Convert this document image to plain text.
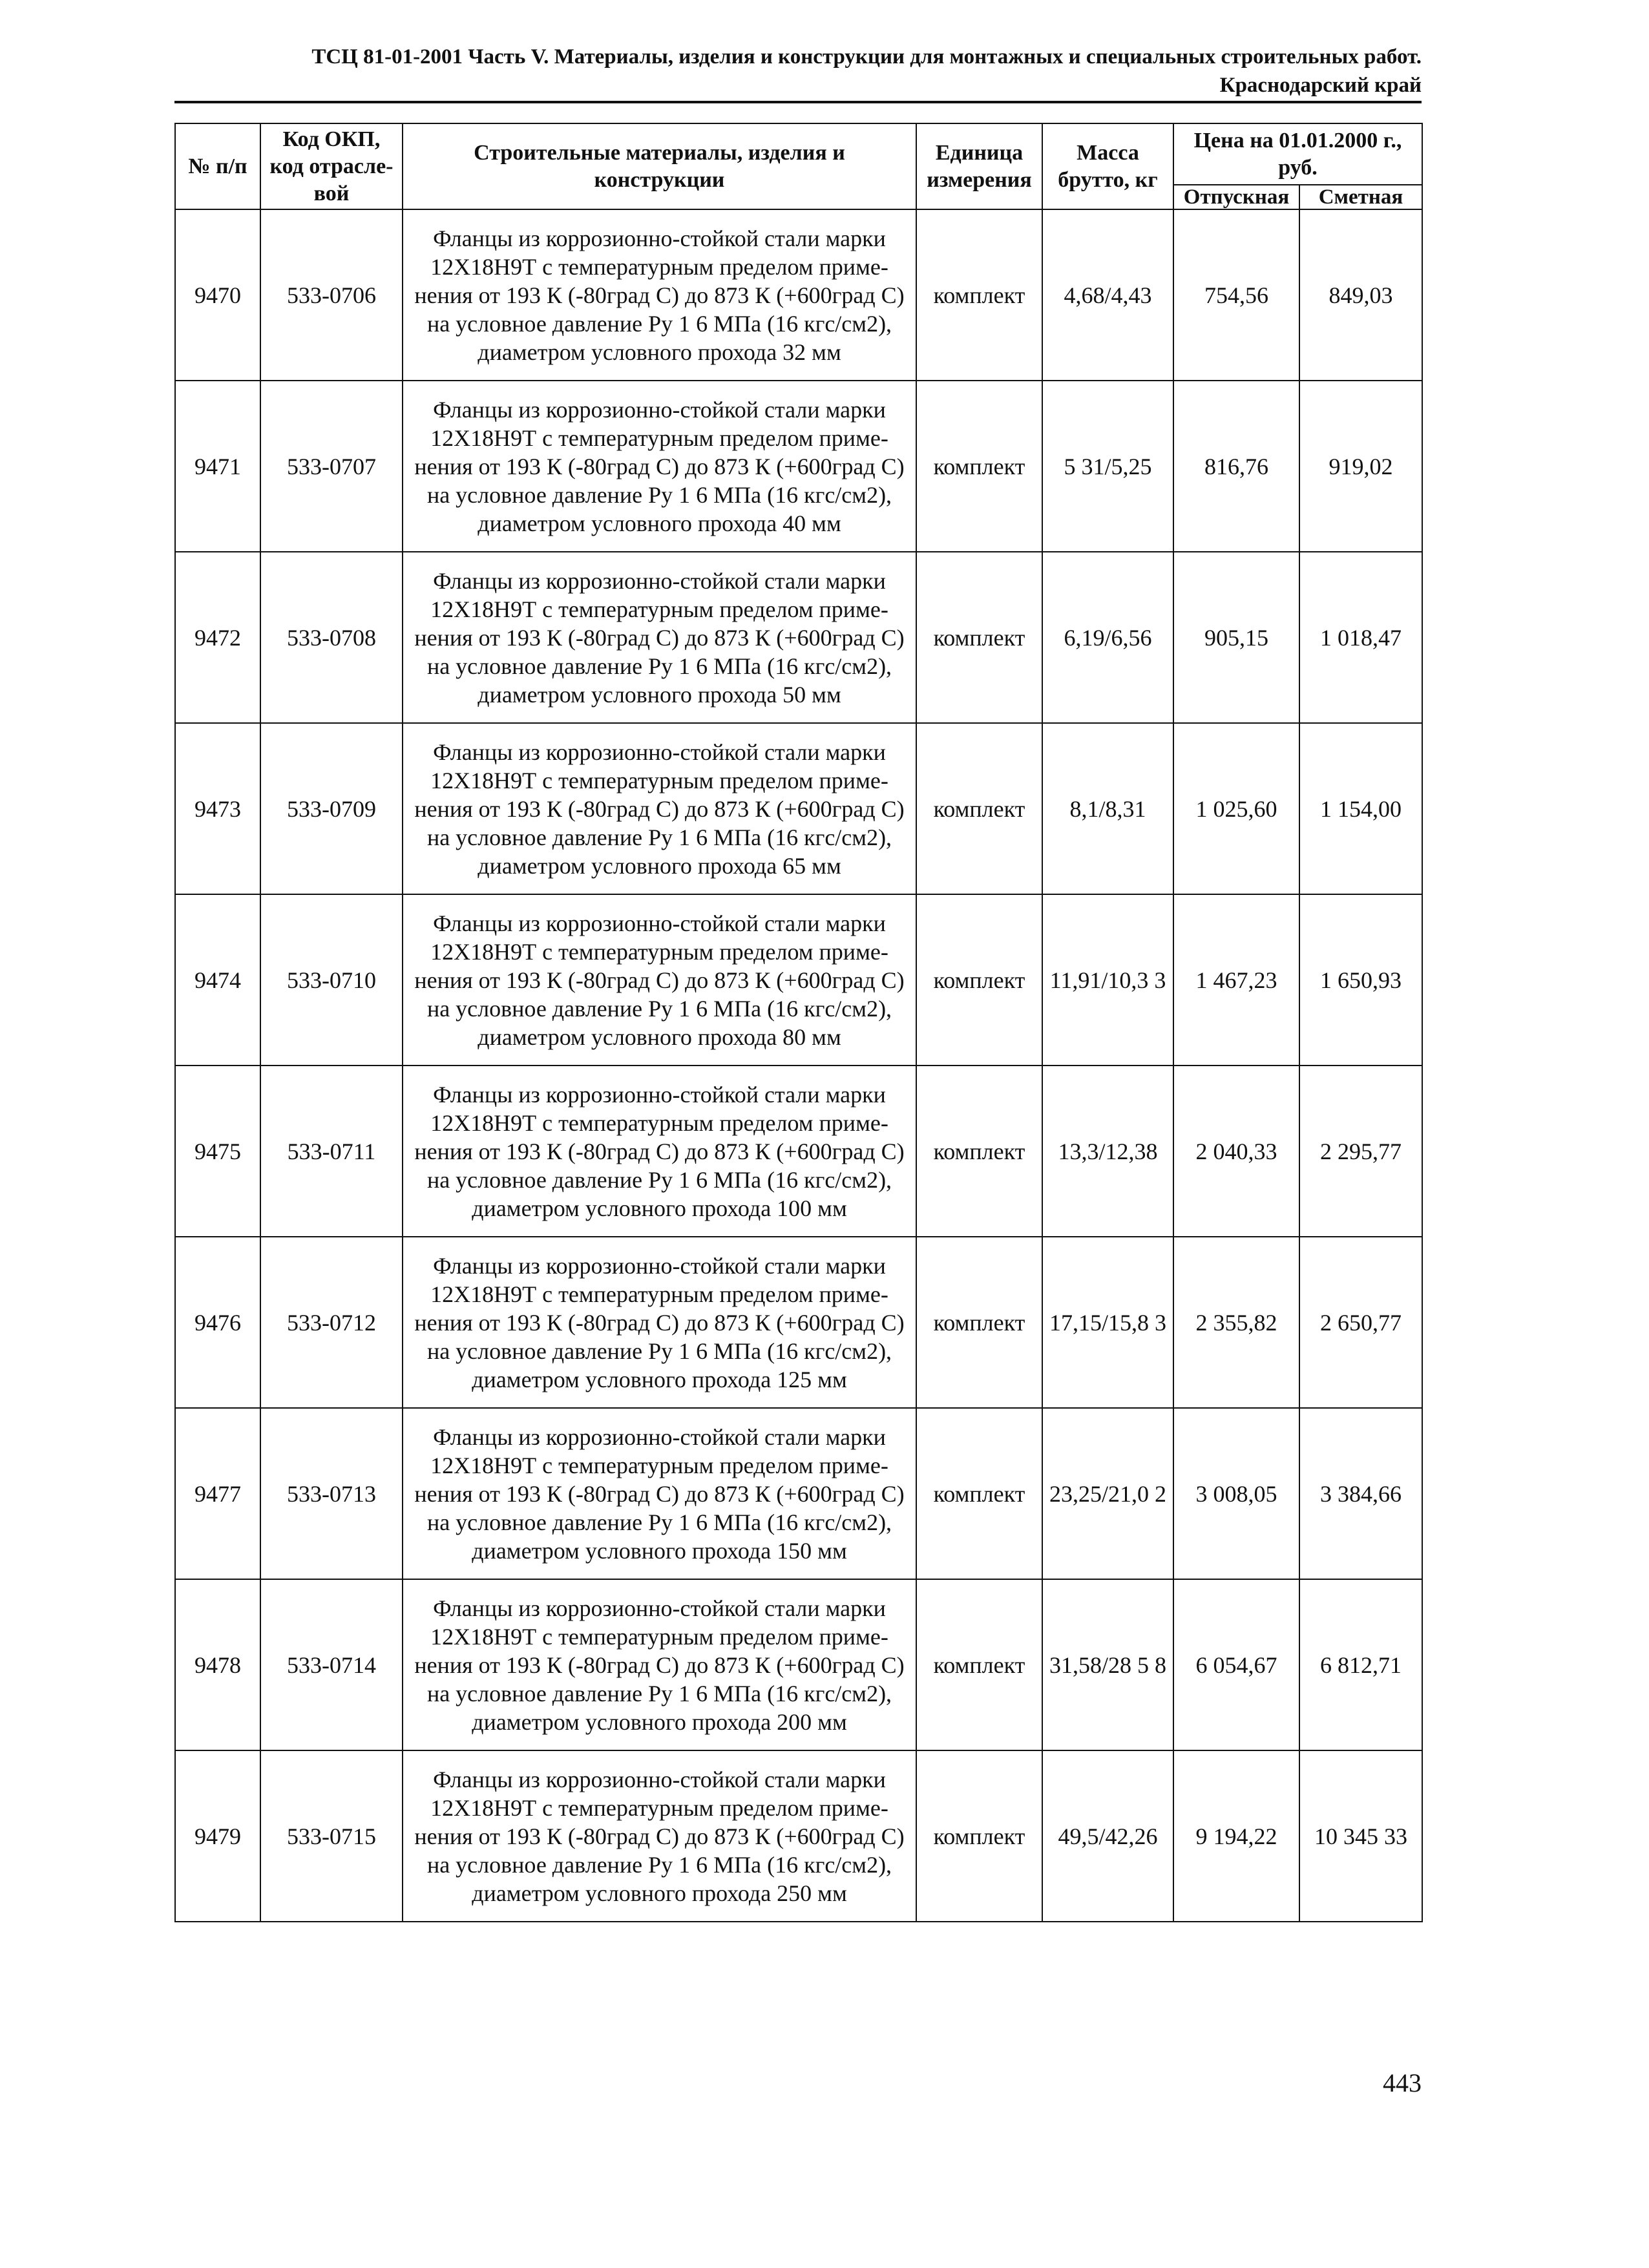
ТСЦ 81-01-2001 Часть V. Материалы, изделия и конструкции для монтажных и специальных строительных работ.
Краснодарский край
№ п/п	Код ОКП, код отрасле-вой	Строительные материалы, изделия и конструкции	Единица измерения	Масса брутто, кг	Цена на 01.01.2000 г., руб.	
					Отпускная	Сметная
9470	533-0706	Фланцы из коррозионно-стойкой стали марки 12Х18Н9Т с температурным пределом приме-нения от 193 К (-80град С) до 873 К (+600град С) на условное давление Ру 1 6 МПа (16 кгс/см2), диаметром условного прохода 32 мм	комплект	4,68/4,43	754,56	849,03
9471	533-0707	Фланцы из коррозионно-стойкой стали марки 12Х18Н9Т с температурным пределом приме-нения от 193 К (-80град С) до 873 К (+600град С) на условное давление Ру 1 6 МПа (16 кгс/см2), диаметром условного прохода 40 мм	комплект	5 31/5,25	816,76	919,02
9472	533-0708	Фланцы из коррозионно-стойкой стали марки 12Х18Н9Т с температурным пределом приме-нения от 193 К (-80град С) до 873 К (+600град С) на условное давление Ру 1 6 МПа (16 кгс/см2), диаметром условного прохода 50 мм	комплект	6,19/6,56	905,15	1 018,47
9473	533-0709	Фланцы из коррозионно-стойкой стали марки 12Х18Н9Т с температурным пределом приме-нения от 193 К (-80град С) до 873 К (+600град С) на условное давление Ру 1 6 МПа (16 кгс/см2), диаметром условного прохода 65 мм	комплект	8,1/8,31	1 025,60	1 154,00
9474	533-0710	Фланцы из коррозионно-стойкой стали марки 12Х18Н9Т с температурным пределом приме-нения от 193 К (-80град С) до 873 К (+600град С) на условное давление Ру 1 6 МПа (16 кгс/см2), диаметром условного прохода 80 мм	комплект	11,91/10,3 3	1 467,23	1 650,93
9475	533-0711	Фланцы из коррозионно-стойкой стали марки 12Х18Н9Т с температурным пределом приме-нения от 193 К (-80град С) до 873 К (+600град С) на условное давление Ру 1 6 МПа (16 кгс/см2), диаметром условного прохода 100 мм	комплект	13,3/12,38	2 040,33	2 295,77
9476	533-0712	Фланцы из коррозионно-стойкой стали марки 12Х18Н9Т с температурным пределом приме-нения от 193 К (-80град С) до 873 К (+600град С) на условное давление Ру 1 6 МПа (16 кгс/см2), диаметром условного прохода 125 мм	комплект	17,15/15,8 3	2 355,82	2 650,77
9477	533-0713	Фланцы из коррозионно-стойкой стали марки 12Х18Н9Т с температурным пределом приме-нения от 193 К (-80град С) до 873 К (+600град С) на условное давление Ру 1 6 МПа (16 кгс/см2), диаметром условного прохода 150 мм	комплект	23,25/21,0 2	3 008,05	3 384,66
9478	533-0714	Фланцы из коррозионно-стойкой стали марки 12Х18Н9Т с температурным пределом приме-нения от 193 К (-80град С) до 873 К (+600град С) на условное давление Ру 1 6 МПа (16 кгс/см2), диаметром условного прохода 200 мм	комплект	31,58/28 5 8	6 054,67	6 812,71
9479	533-0715	Фланцы из коррозионно-стойкой стали марки 12Х18Н9Т с температурным пределом приме-нения от 193 К (-80град С) до 873 К (+600град С) на условное давление Ру 1 6 МПа (16 кгс/см2), диаметром условного прохода 250 мм	комплект	49,5/42,26	9 194,22	10 345 33
443
